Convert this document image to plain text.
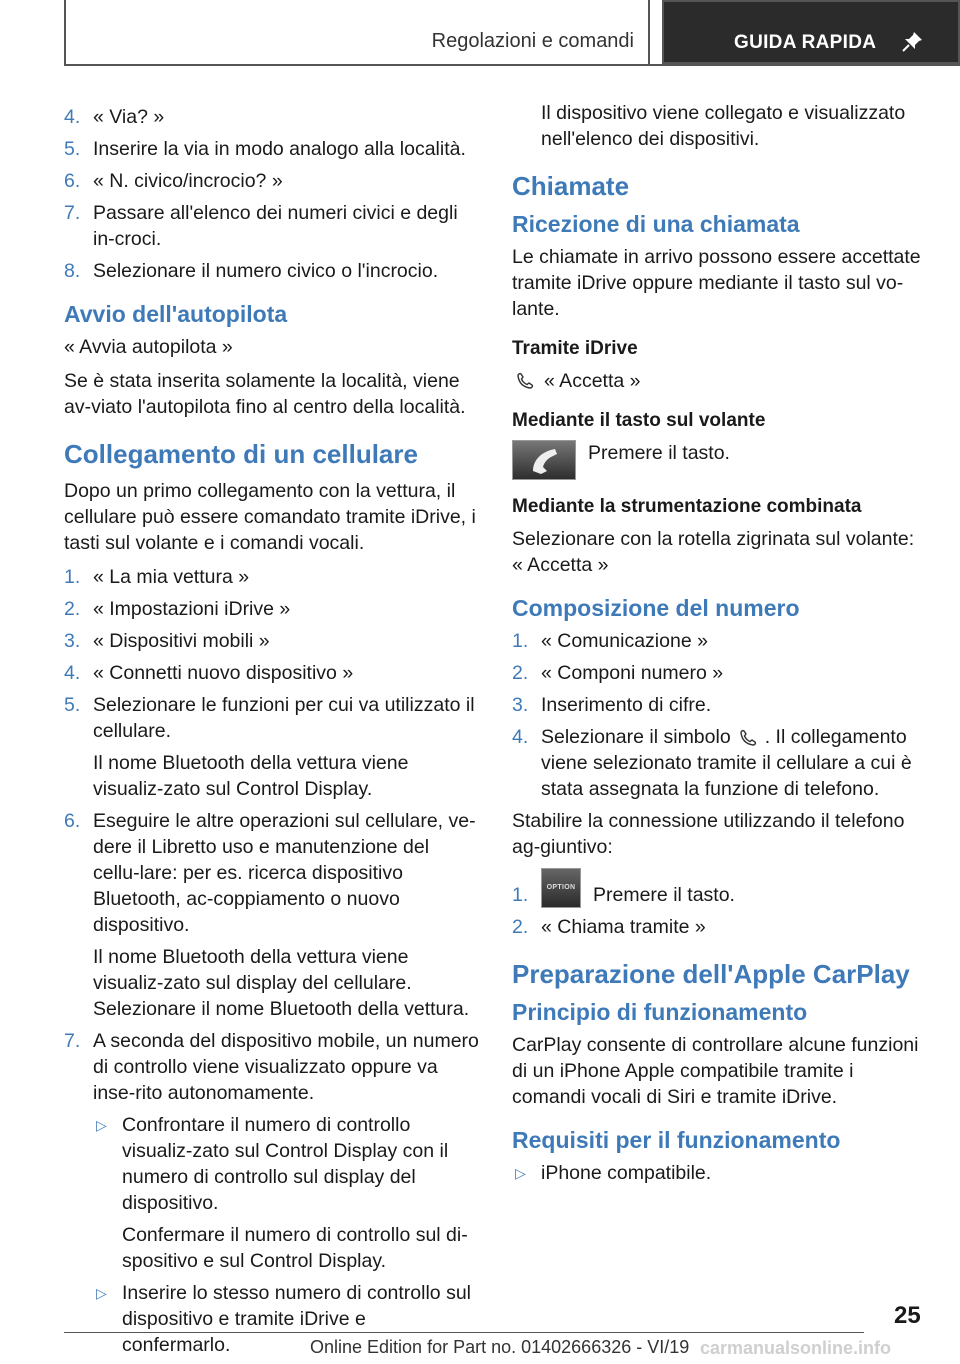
Regolazioni e comandi	GUIDA RAPIDA
4. « Via? »
5. Inserire la via in modo analogo alla località.
6. « N. civico/incrocio? »
7. Passare all'elenco dei numeri civici e degli in-croci.
8. Selezionare il numero civico o l'incrocio.
Avvio dell'autopilota

« Avvia autopilota »

Se è stata inserita solamente la località, viene av-viato l'autopilota fino al centro della località.

Collegamento di un cellulare

Dopo un primo collegamento con la vettura, il cellulare può essere comandato tramite iDrive, i tasti sul volante e i comandi vocali.

1. « La mia vettura »
2. « Impostazioni iDrive »
3. « Dispositivi mobili »
4. « Connetti nuovo dispositivo »
5. Selezionare le funzioni per cui va utilizzato il cellulare.

Il nome Bluetooth della vettura viene visualiz-zato sul Control Display.

6. Eseguire le altre operazioni sul cellulare, ve-dere il Libretto uso e manutenzione del cellu-lare: per es. ricerca dispositivo Bluetooth, ac-coppiamento o nuovo dispositivo.

Il nome Bluetooth della vettura viene visualiz-zato sul display del cellulare. Selezionare il nome Bluetooth della vettura.

7. A seconda del dispositivo mobile, un numero di controllo viene visualizzato oppure va inse-rito autonomamente.
▷ Confrontare il numero di controllo visualiz-zato sul Control Display con il numero di controllo sul display del dispositivo.

Confermare il numero di controllo sul di-spositivo e sul Control Display.

▷ Inserire lo stesso numero di controllo sul dispositivo e tramite iDrive e confermarlo.

Il dispositivo viene collegato e visualizzato nell'elenco dei dispositivi.

Chiamate
Ricezione di una chiamata

Le chiamate in arrivo possono essere accettate tramite iDrive oppure mediante il tasto sul vo-lante.

Tramite iDrive
« Accetta »
Mediante il tasto sul volante
Premere il tasto.
Mediante la strumentazione combinata

Selezionare con la rotella zigrinata sul volante: « Accetta »

Composizione del numero
1. « Comunicazione »
2. « Componi numero »
3. Inserimento di cifre.
4. Selezionare il simbolo . Il collegamento viene selezionato tramite il cellulare a cui è stata assegnata la funzione di telefono.

Stabilire la connessione utilizzando il telefono ag-giuntivo:

1.	OPTION Premere il tasto.
2. « Chiama tramite »
Preparazione dell'Apple CarPlay
Principio di funzionamento

CarPlay consente di controllare alcune funzioni di un iPhone Apple compatibile tramite i comandi vocali di Siri e tramite iDrive.

Requisiti per il funzionamento
▷ iPhone compatibile.
25
Online Edition for Part no. 01402666326 - VI/19 carmanualsonline.info
